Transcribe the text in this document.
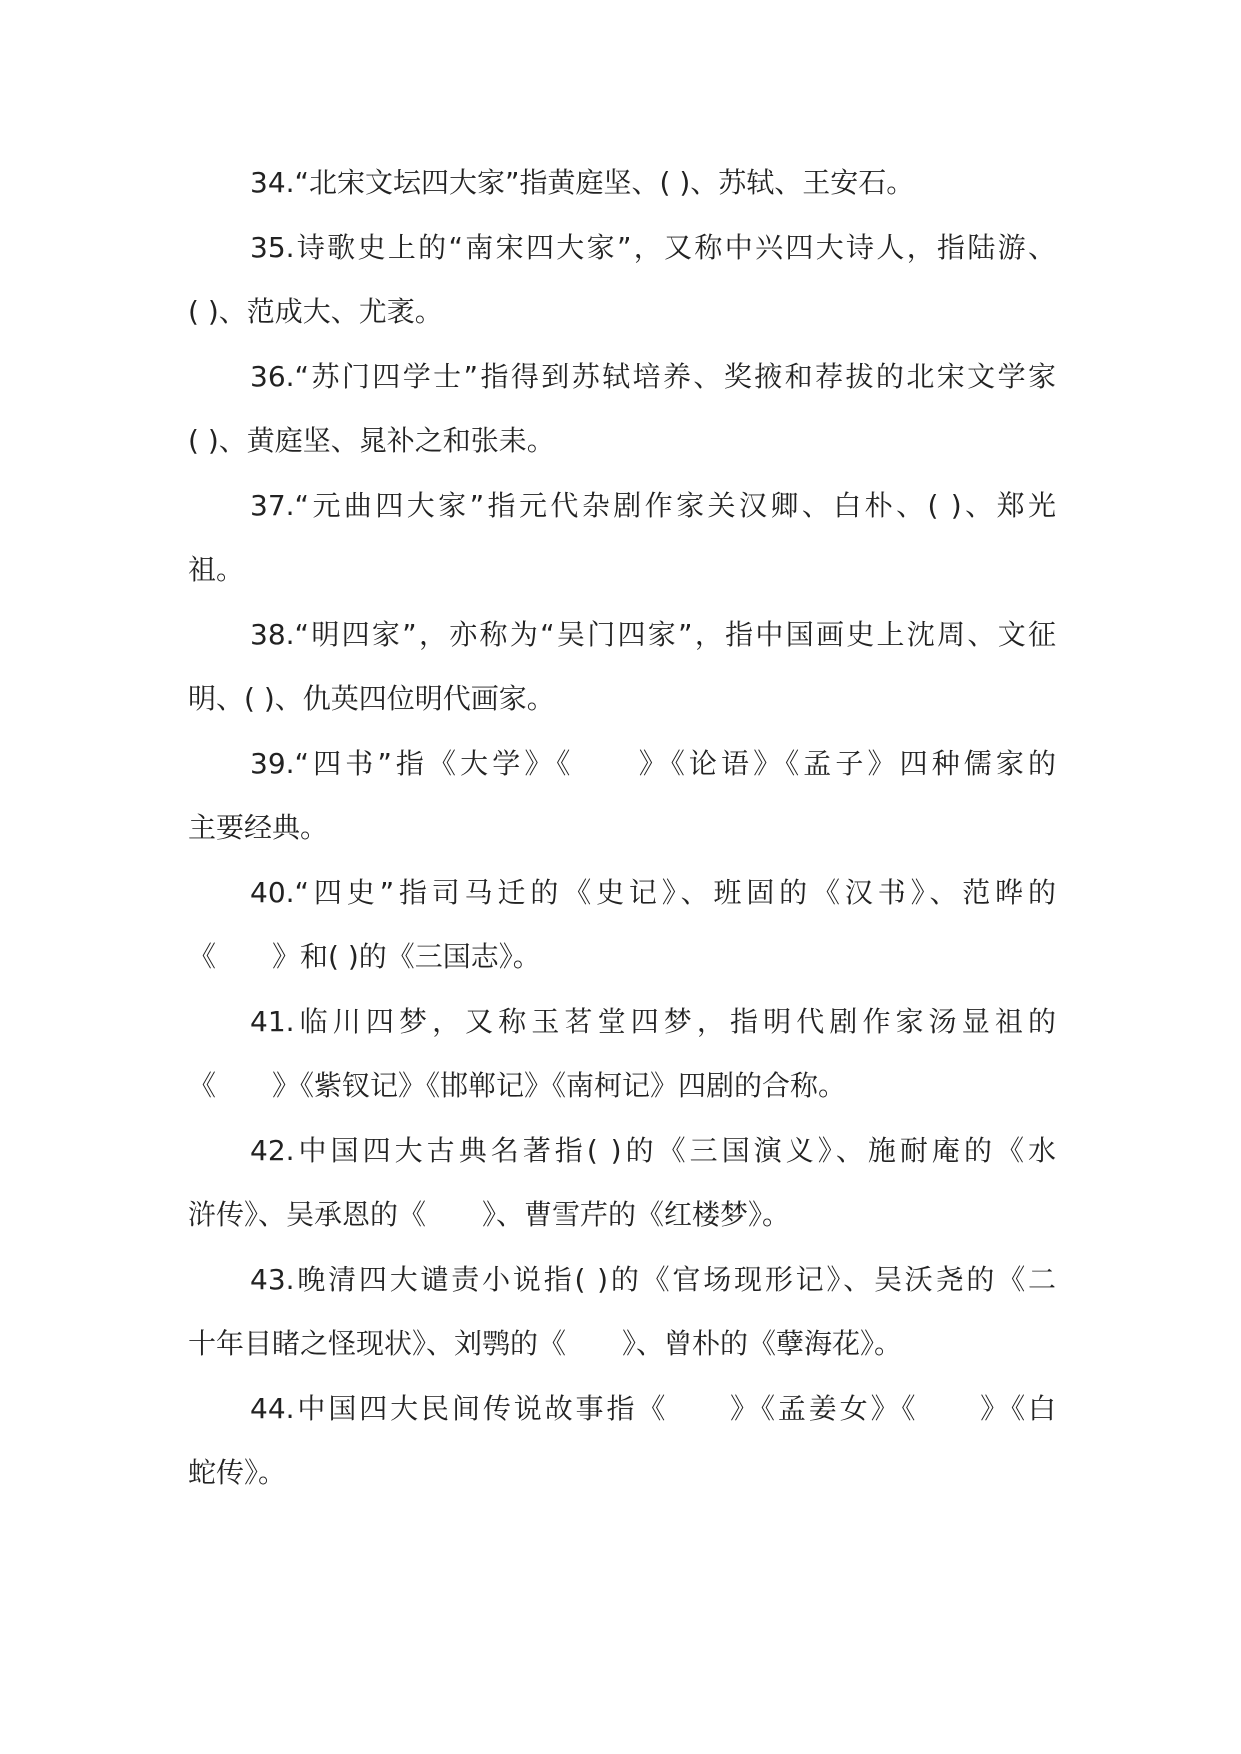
34.“北宋文坛四大家”指黄庭坚、( )、苏轼、王安石。
35.诗歌史上的“南宋四大家”，又称中兴四大诗人，指陆游、
( )、范成大、尤袤。
36.“苏门四学士”指得到苏轼培养、奖掖和荐拔的北宋文学家
( )、黄庭坚、晁补之和张耒。
37.“元曲四大家”指元代杂剧作家关汉卿、白朴、( )、郑光
祖。
38.“明四家”，亦称为“吴门四家”，指中国画史上沈周、文征
明、( )、仇英四位明代画家。
39.“四书”指《大学》《　　》《论语》《孟子》四种儒家的
主要经典。
40.“四史”指司马迁的《史记》、班固的《汉书》、范晔的
《　　》和( )的《三国志》。
41.临川四梦，又称玉茗堂四梦，指明代剧作家汤显祖的
《　　》《紫钗记》《邯郸记》《南柯记》四剧的合称。
42.中国四大古典名著指( )的《三国演义》、施耐庵的《水
浒传》、吴承恩的《　　》、曹雪芹的《红楼梦》。
43.晚清四大谴责小说指( )的《官场现形记》、吴沃尧的《二
十年目睹之怪现状》、刘鹗的《　　》、曾朴的《孽海花》。
44.中国四大民间传说故事指《　　》《孟姜女》《　　》《白
蛇传》。
